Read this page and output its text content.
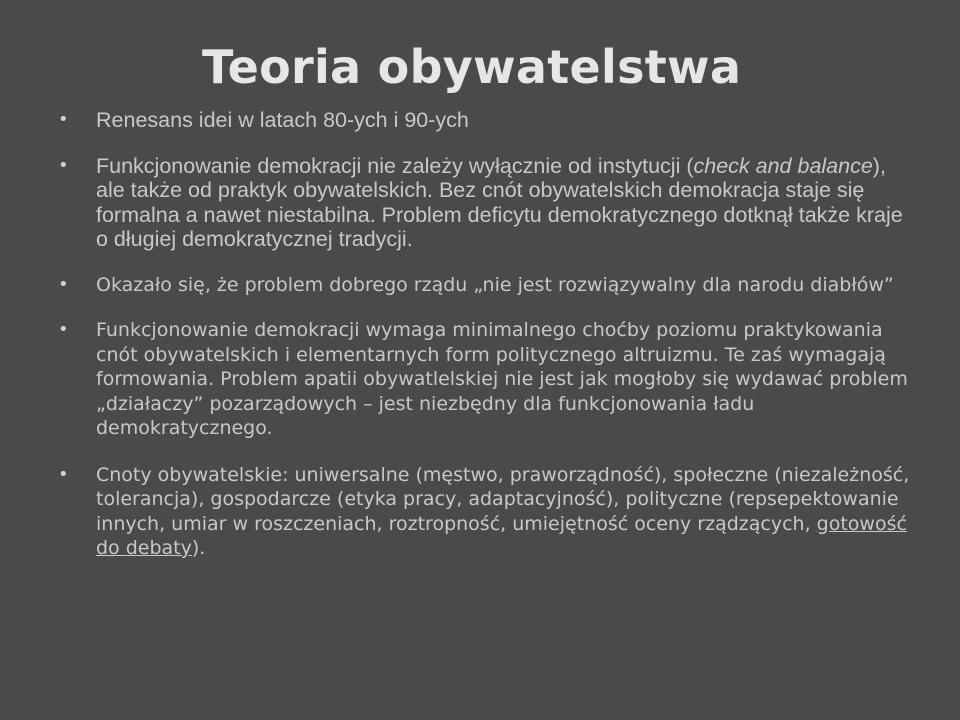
Teoria obywatelstwa
• Renesans idei w latach 80-ych i 90-ych
• Funkcjonowanie demokracji nie zależy wyłącznie od instytucji (check and balance), ale także od praktyk obywatelskich. Bez cnót obywatelskich demokracja staje się formalna a nawet niestabilna. Problem deficytu demokratycznego dotknął także kraje o długiej demokratycznej tradycji.
• Okazało się, że problem dobrego rządu „nie jest rozwiązywalny dla narodu diabłów”
• Funkcjonowanie demokracji wymaga minimalnego choćby poziomu praktykowania cnót obywatelskich i elementarnych form politycznego altruizmu. Te zaś wymagają formowania. Problem apatii obywatlelskiej nie jest jak mogłoby się wydawać problem „działaczy” pozarządowych – jest niezbędny dla funkcjonowania ładu demokratycznego.
• Cnoty obywatelskie: uniwersalne (męstwo, praworządność), społeczne (niezależność, tolerancja), gospodarcze (etyka pracy, adaptacyjność), polityczne (repsepektowanie innych, umiar w roszczeniach, roztropność, umiejętność oceny rządzących, gotowość do debaty).
